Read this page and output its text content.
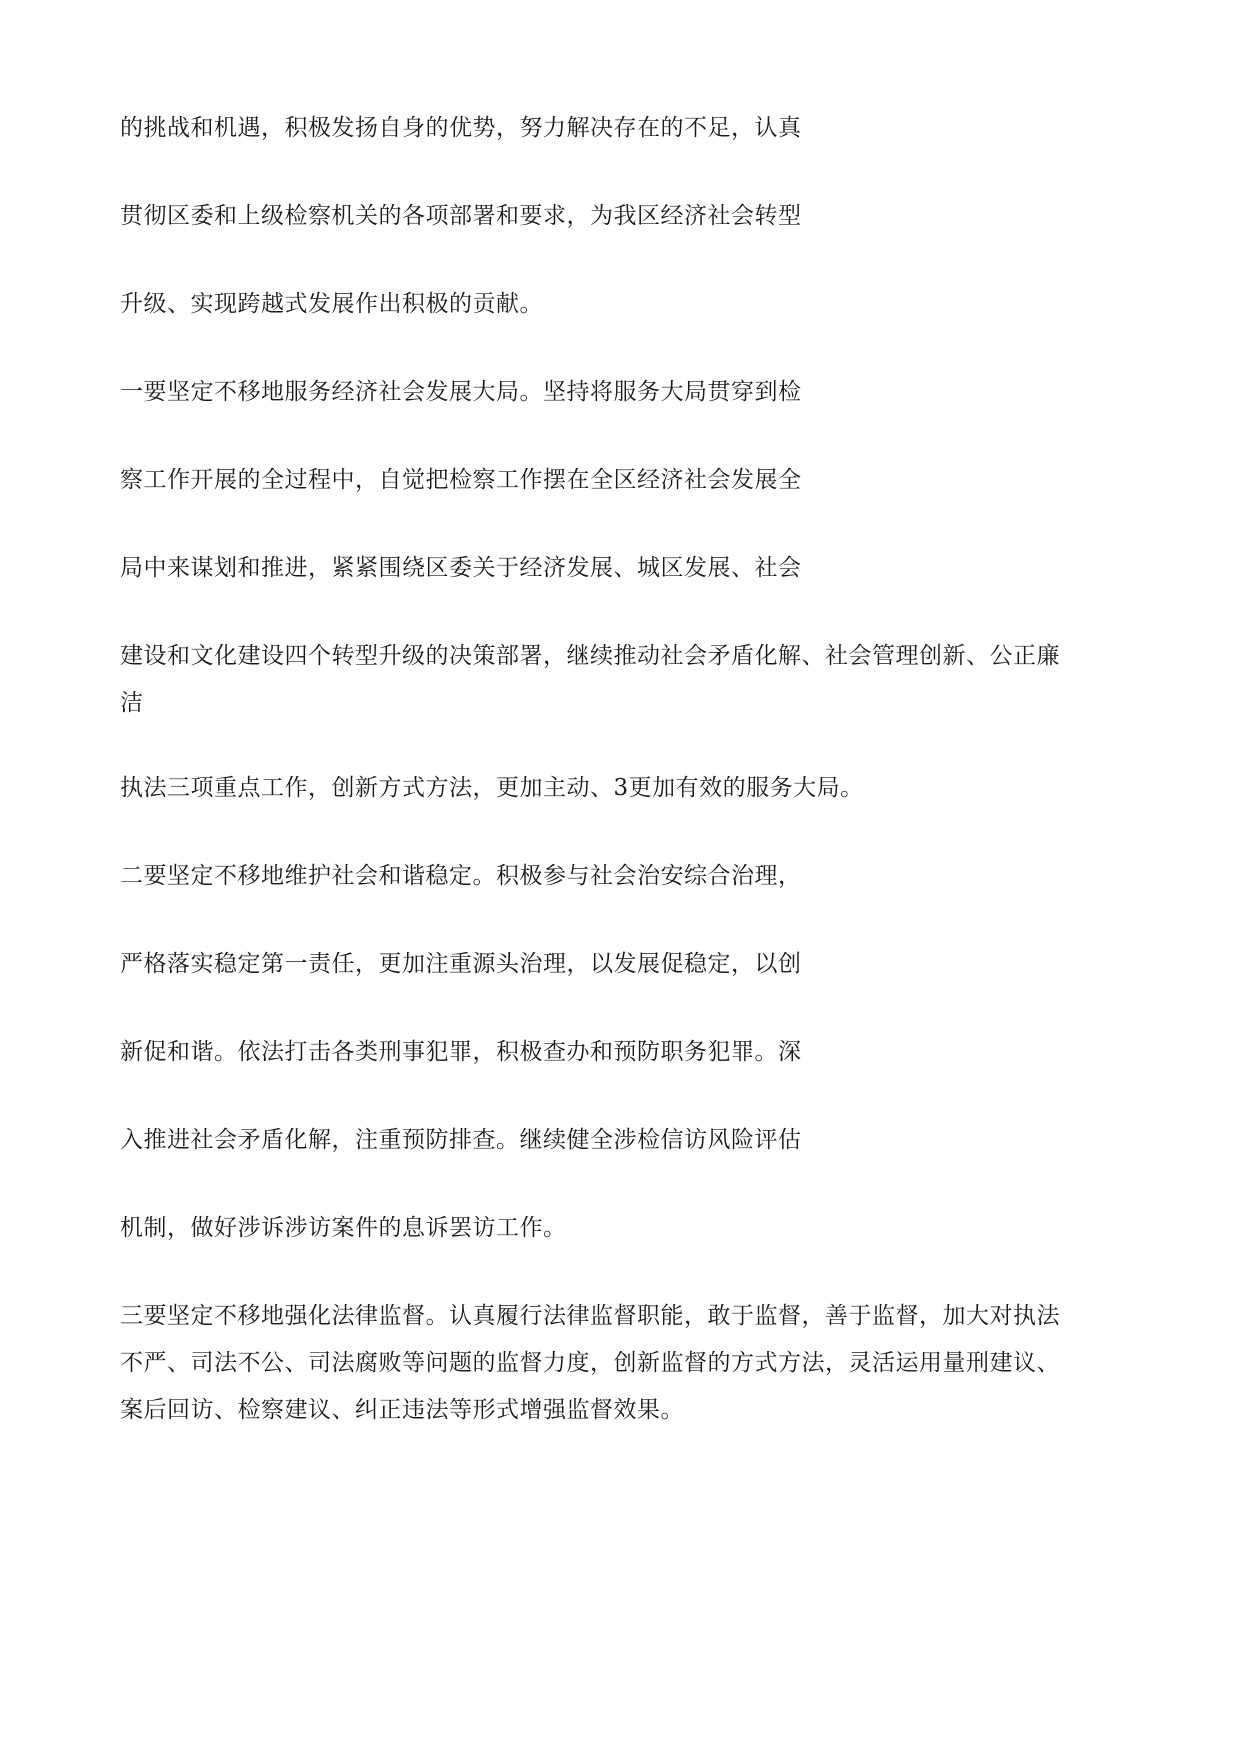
的挑战和机遇，积极发扬自身的优势，努力解决存在的不足，认真
贯彻区委和上级检察机关的各项部署和要求，为我区经济社会转型
升级、实现跨越式发展作出积极的贡献。
一要坚定不移地服务经济社会发展大局。坚持将服务大局贯穿到检
察工作开展的全过程中，自觉把检察工作摆在全区经济社会发展全
局中来谋划和推进，紧紧围绕区委关于经济发展、城区发展、社会
建设和文化建设四个转型升级的决策部署，继续推动社会矛盾化解、社会管理创新、公正廉
洁
执法三项重点工作，创新方式方法，更加主动、3更加有效的服务大局。
二要坚定不移地维护社会和谐稳定。积极参与社会治安综合治理，
严格落实稳定第一责任，更加注重源头治理，以发展促稳定，以创
新促和谐。依法打击各类刑事犯罪，积极查办和预防职务犯罪。深
入推进社会矛盾化解，注重预防排查。继续健全涉检信访风险评估
机制，做好涉诉涉访案件的息诉罢访工作。
三要坚定不移地强化法律监督。认真履行法律监督职能，敢于监督，善于监督，加大对执法
不严、司法不公、司法腐败等问题的监督力度，创新监督的方式方法，灵活运用量刑建议、
案后回访、检察建议、纠正违法等形式增强监督效果。
